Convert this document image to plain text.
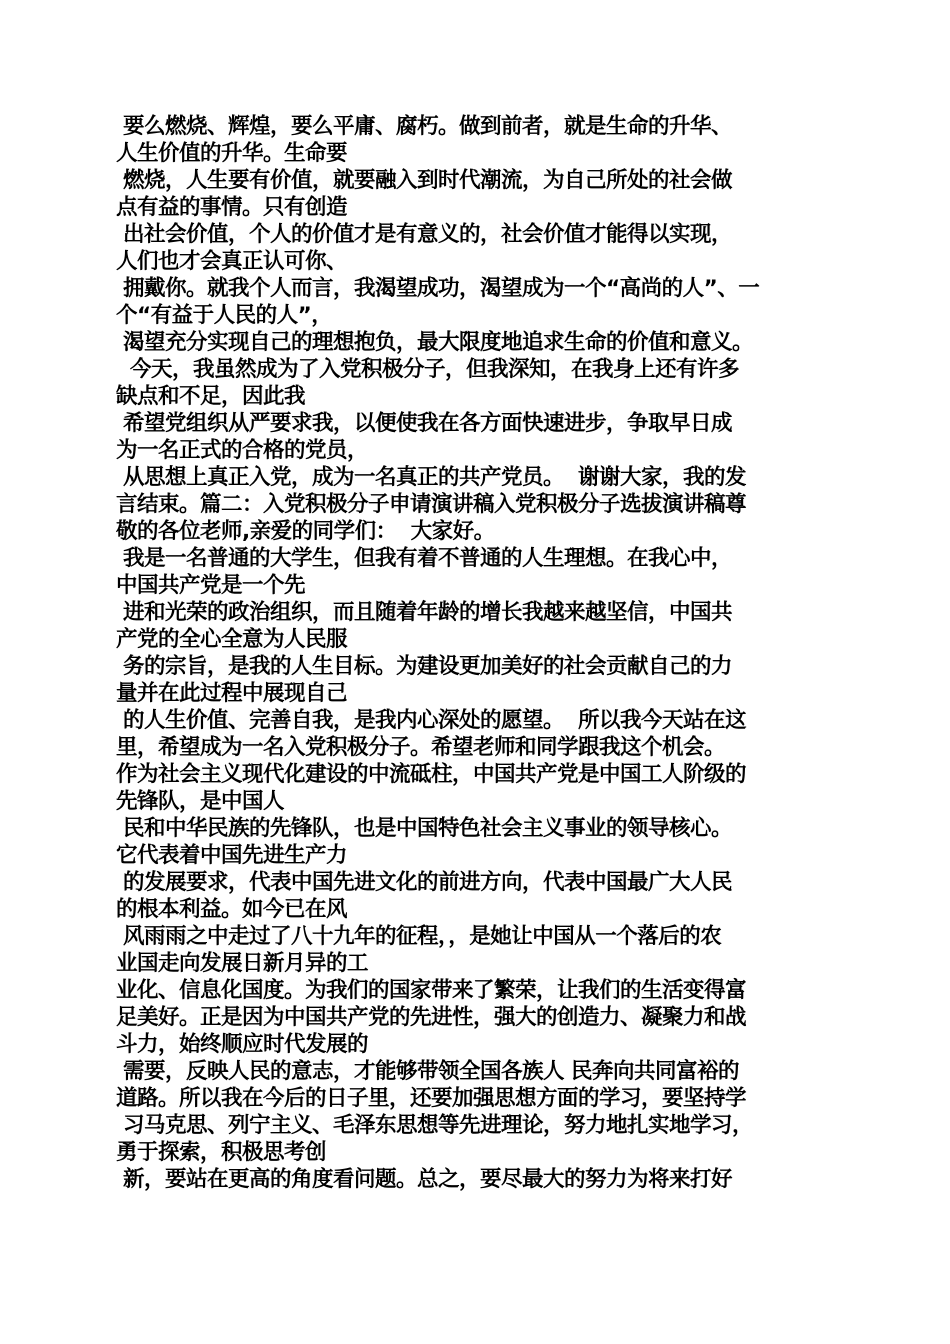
要么燃烧、辉煌，要么平庸、腐朽。做到前者，就是生命的升华、
人生价值的升华。生命要
燃烧，人生要有价值，就要融入到时代潮流，为自己所处的社会做
点有益的事情。只有创造
出社会价值，个人的价值才是有意义的，社会价值才能得以实现，
人们也才会真正认可你、
拥戴你。就我个人而言，我渴望成功，渴望成为一个“高尚的人”、一
个“有益于人民的人”，
渴望充分实现自己的理想抱负，最大限度地追求生命的价值和意义。
今天，我虽然成为了入党积极分子，但我深知，在我身上还有许多
缺点和不足，因此我
希望党组织从严要求我，以便使我在各方面快速进步，争取早日成
为一名正式的合格的党员，
从思想上真正入党，成为一名真正的共产党员。  谢谢大家，我的发
言结束。篇二：入党积极分子申请演讲稿入党积极分子选拔演讲稿尊
敬的各位老师,亲爱的同学们：  大家好。
我是一名普通的大学生，但我有着不普通的人生理想。在我心中，
中国共产党是一个先
进和光荣的政治组织，而且随着年龄的增长我越来越坚信，中国共
产党的全心全意为人民服
务的宗旨，是我的人生目标。为建设更加美好的社会贡献自己的力
量并在此过程中展现自己
的人生价值、完善自我，是我内心深处的愿望。  所以我今天站在这
里，希望成为一名入党积极分子。希望老师和同学跟我这个机会。
作为社会主义现代化建设的中流砥柱，中国共产党是中国工人阶级的
先锋队，是中国人
民和中华民族的先锋队，也是中国特色社会主义事业的领导核心。
它代表着中国先进生产力
的发展要求，代表中国先进文化的前进方向，代表中国最广大人民
的根本利益。如今已在风
风雨雨之中走过了八十九年的征程，，是她让中国从一个落后的农
业国走向发展日新月异的工
业化、信息化国度。为我们的国家带来了繁荣，让我们的生活变得富
足美好。正是因为中国共产党的先进性，强大的创造力、凝聚力和战
斗力，始终顺应时代发展的
需要，反映人民的意志，才能够带领全国各族人 民奔向共同富裕的
道路。所以我在今后的日子里，还要加强思想方面的学习，要坚持学
习马克思、列宁主义、毛泽东思想等先进理论，努力地扎实地学习，
勇于探索，积极思考创
新，要站在更高的角度看问题。总之，要尽最大的努力为将来打好
